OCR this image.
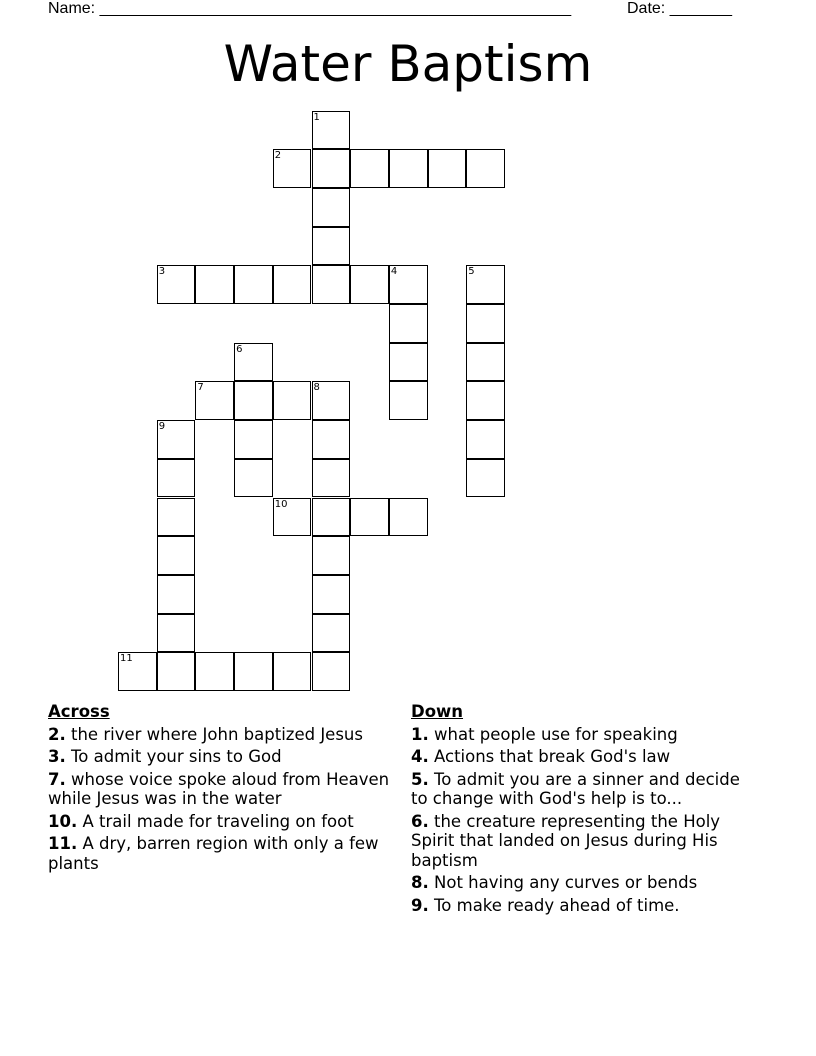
Name: _____________________________________________________	Date: _______
Water Baptism
1
2
3	4	5
6
7	8
9
10
11
Across
2. the river where John baptized Jesus
3. To admit your sins to God
7. whose voice spoke aloud from Heaven while Jesus was in the water
10. A trail made for traveling on foot
11. A dry, barren region with only a few plants
Down
1. what people use for speaking
4. Actions that break God's law
5. To admit you are a sinner and decide to change with God's help is to...
6. the creature representing the Holy Spirit that landed on Jesus during His baptism
8. Not having any curves or bends
9. To make ready ahead of time.
